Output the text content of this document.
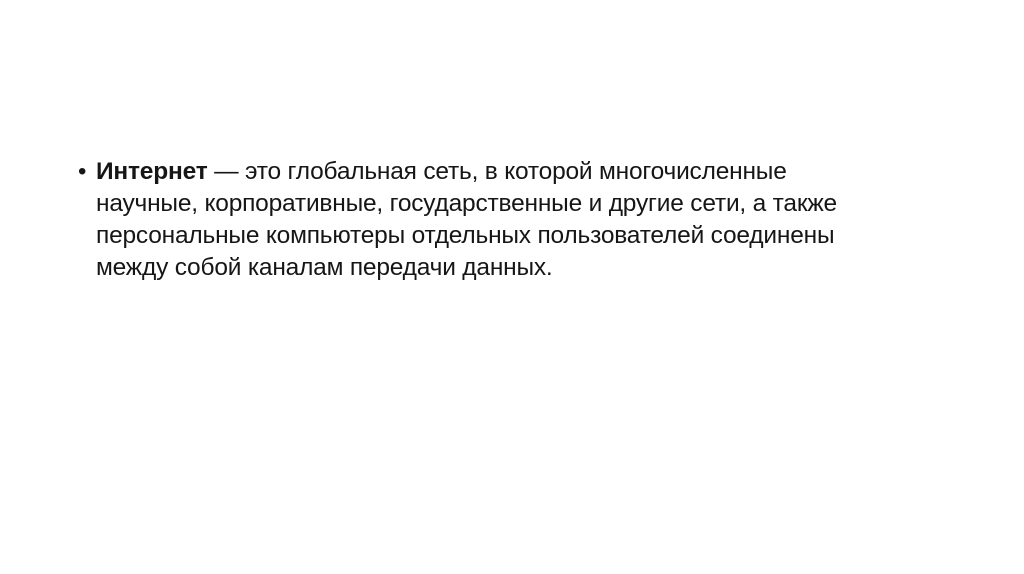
• Интернет — это глобальная сеть, в которой многочисленные
научные, корпоративные, государственные и другие сети, а также
персональные компьютеры отдельных пользователей соединены
между собой каналам передачи данных.
